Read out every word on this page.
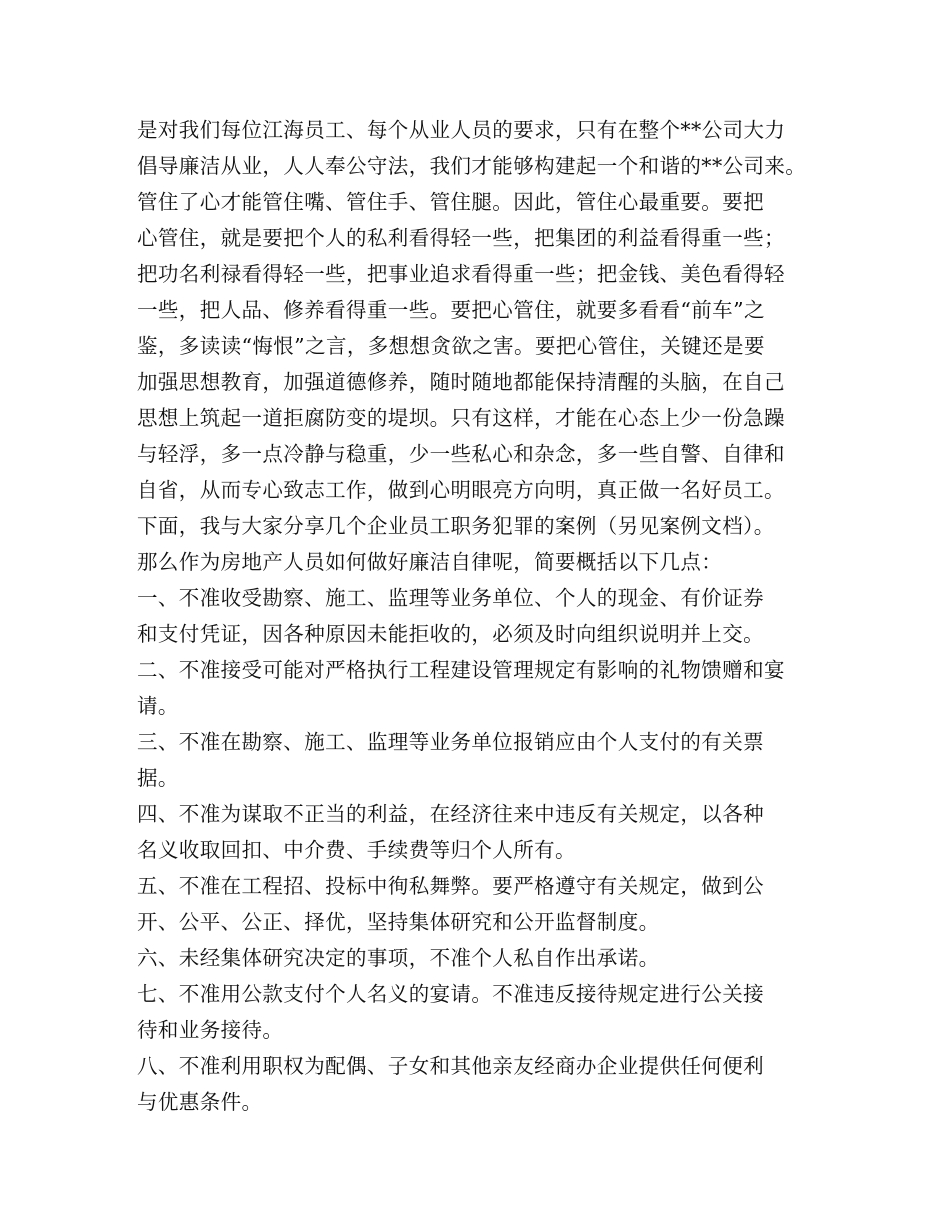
是对我们每位江海员工、每个从业人员的要求，只有在整个**公司大力
倡导廉洁从业，人人奉公守法，我们才能够构建起一个和谐的**公司来。
管住了心才能管住嘴、管住手、管住腿。因此，管住心最重要。要把
心管住，就是要把个人的私利看得轻一些，把集团的利益看得重一些；
把功名利禄看得轻一些，把事业追求看得重一些；把金钱、美色看得轻
一些，把人品、修养看得重一些。要把心管住，就要多看看“前车”之
鉴，多读读“悔恨”之言，多想想贪欲之害。要把心管住，关键还是要
加强思想教育，加强道德修养，随时随地都能保持清醒的头脑，在自己
思想上筑起一道拒腐防变的堤坝。只有这样，才能在心态上少一份急躁
与轻浮，多一点冷静与稳重，少一些私心和杂念，多一些自警、自律和
自省，从而专心致志工作，做到心明眼亮方向明，真正做一名好员工。
下面，我与大家分享几个企业员工职务犯罪的案例（另见案例文档）。
那么作为房地产人员如何做好廉洁自律呢，简要概括以下几点：
一、不准收受勘察、施工、监理等业务单位、个人的现金、有价证券
和支付凭证，因各种原因未能拒收的，必须及时向组织说明并上交。
二、不准接受可能对严格执行工程建设管理规定有影响的礼物馈赠和宴
请。
三、不准在勘察、施工、监理等业务单位报销应由个人支付的有关票
据。
四、不准为谋取不正当的利益，在经济往来中违反有关规定，以各种
名义收取回扣、中介费、手续费等归个人所有。
五、不准在工程招、投标中徇私舞弊。要严格遵守有关规定，做到公
开、公平、公正、择优，坚持集体研究和公开监督制度。
六、未经集体研究决定的事项，不准个人私自作出承诺。
七、不准用公款支付个人名义的宴请。不准违反接待规定进行公关接
待和业务接待。
八、不准利用职权为配偶、子女和其他亲友经商办企业提供任何便利
与优惠条件。
